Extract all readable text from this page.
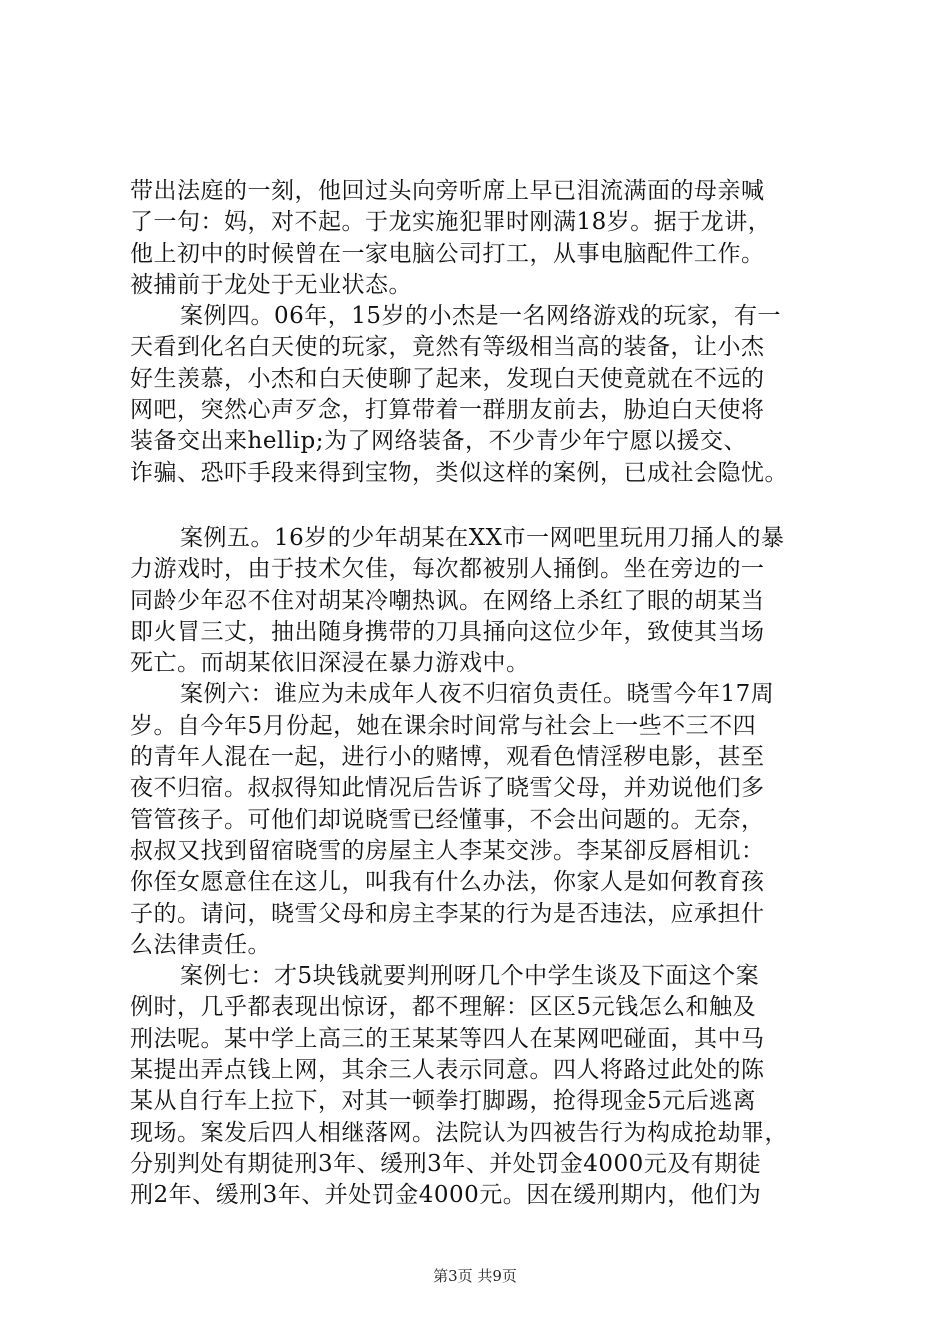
带出法庭的一刻，他回过头向旁听席上早已泪流满面的母亲喊
了一句：妈，对不起。于龙实施犯罪时刚满18岁。据于龙讲，
他上初中的时候曾在一家电脑公司打工，从事电脑配件工作。
被捕前于龙处于无业状态。
案例四。06年，15岁的小杰是一名网络游戏的玩家，有一
天看到化名白天使的玩家，竟然有等级相当高的装备，让小杰
好生羡慕，小杰和白天使聊了起来，发现白天使竟就在不远的
网吧，突然心声歹念，打算带着一群朋友前去，胁迫白天使将
装备交出来hellip;为了网络装备，不少青少年宁愿以援交、
诈骗、恐吓手段来得到宝物，类似这样的案例，已成社会隐忧。
案例五。16岁的少年胡某在XX市一网吧里玩用刀捅人的暴
力游戏时，由于技术欠佳，每次都被别人捅倒。坐在旁边的一
同龄少年忍不住对胡某冷嘲热讽。在网络上杀红了眼的胡某当
即火冒三丈，抽出随身携带的刀具捅向这位少年，致使其当场
死亡。而胡某依旧深浸在暴力游戏中。
案例六：谁应为未成年人夜不归宿负责任。晓雪今年17周
岁。自今年5月份起，她在课余时间常与社会上一些不三不四
的青年人混在一起，进行小的赌博，观看色情淫秽电影，甚至
夜不归宿。叔叔得知此情况后告诉了晓雪父母，并劝说他们多
管管孩子。可他们却说晓雪已经懂事，不会出问题的。无奈，
叔叔又找到留宿晓雪的房屋主人李某交涉。李某卻反唇相讥：
你侄女愿意住在这儿，叫我有什么办法，你家人是如何教育孩
子的。请问，晓雪父母和房主李某的行为是否违法，应承担什
么法律责任。
案例七：才5块钱就要判刑呀几个中学生谈及下面这个案
例时，几乎都表现出惊讶，都不理解：区区5元钱怎么和触及
刑法呢。某中学上高三的王某某等四人在某网吧碰面，其中马
某提出弄点钱上网，其余三人表示同意。四人将路过此处的陈
某从自行车上拉下，对其一顿拳打脚踢，抢得现金5元后逃离
现场。案发后四人相继落网。法院认为四被告行为构成抢劫罪，
分别判处有期徒刑3年、缓刑3年、并处罚金4000元及有期徒
刑2年、缓刑3年、并处罚金4000元。因在缓刑期内，他们为
第3页 共9页
